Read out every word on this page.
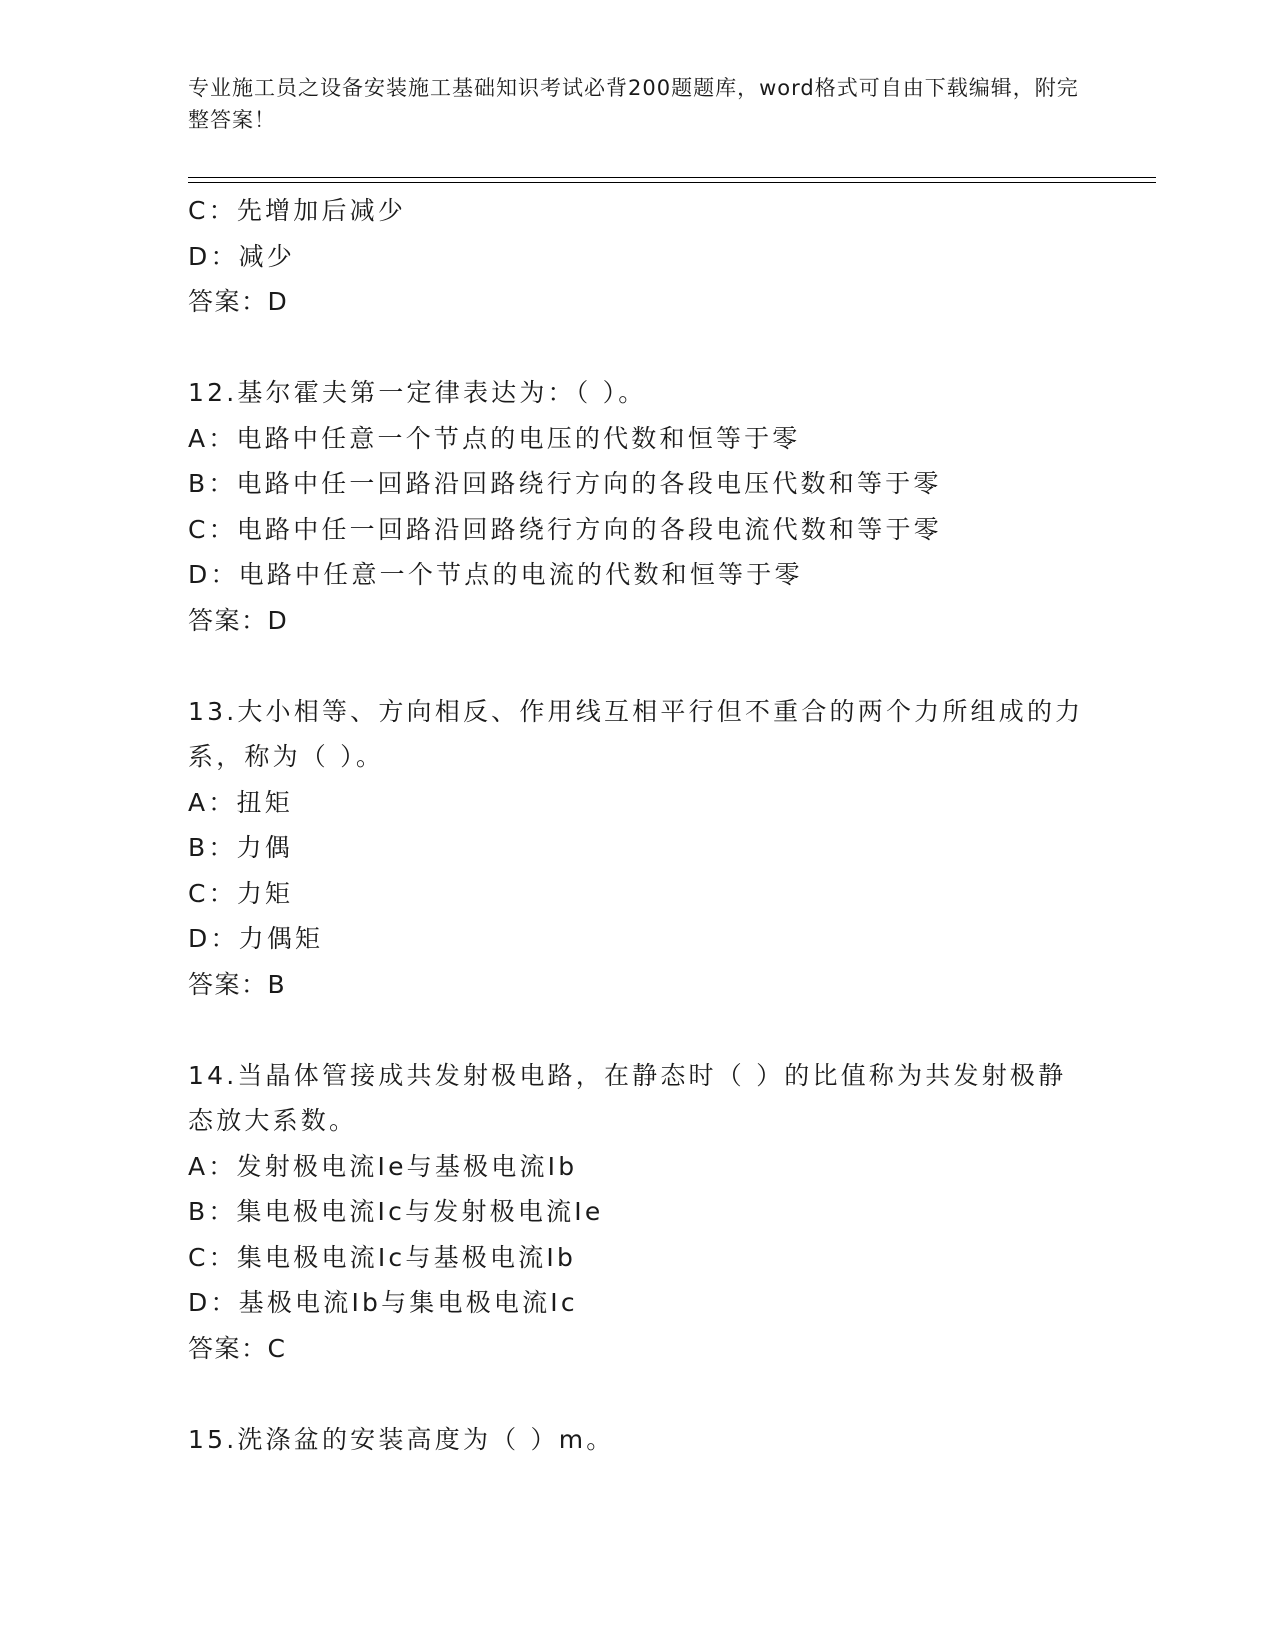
专业施工员之设备安装施工基础知识考试必背200题题库，word格式可自由下载编辑，附完整答案！
C：先增加后减少
D：减少
答案：D
12.基尔霍夫第一定律表达为：（ ）。
A：电路中任意一个节点的电压的代数和恒等于零
B：电路中任一回路沿回路绕行方向的各段电压代数和等于零
C：电路中任一回路沿回路绕行方向的各段电流代数和等于零
D：电路中任意一个节点的电流的代数和恒等于零
答案：D
13.大小相等、方向相反、作用线互相平行但不重合的两个力所组成的力系，称为（ ）。
A：扭矩
B：力偶
C：力矩
D：力偶矩
答案：B
14.当晶体管接成共发射极电路，在静态时（ ）的比值称为共发射极静态放大系数。
A：发射极电流Ie与基极电流Ib
B：集电极电流Ic与发射极电流Ie
C：集电极电流Ic与基极电流Ib
D：基极电流Ib与集电极电流Ic
答案：C
15.洗涤盆的安装高度为（ ）m。
